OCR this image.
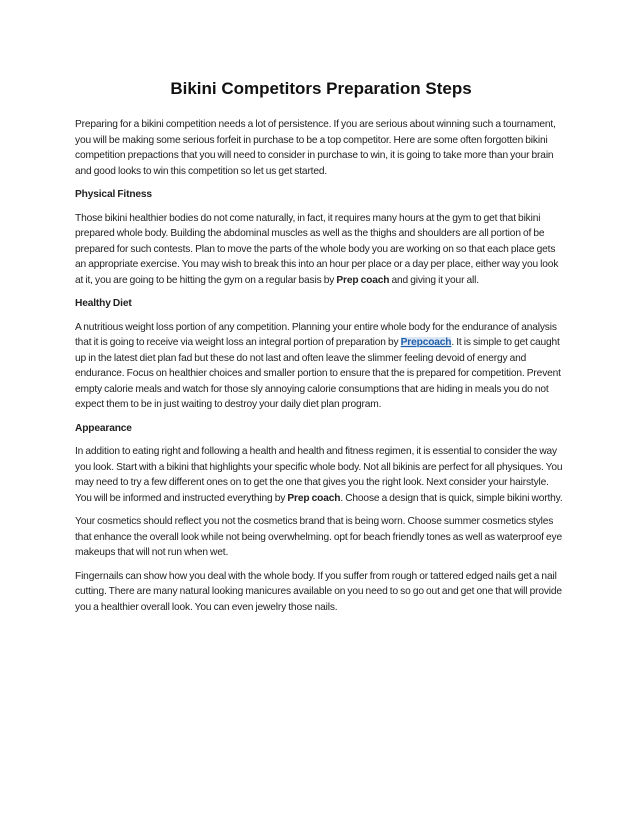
Bikini Competitors Preparation Steps

Preparing for a bikini competition needs a lot of persistence. If you are serious about winning such a tournament, you will be making some serious forfeit in purchase to be a top competitor. Here are some often forgotten bikini competition prepactions that you will need to consider in purchase to win, it is going to take more than your brain and good looks to win this competition so let us get started.

Physical Fitness

Those bikini healthier bodies do not come naturally, in fact, it requires many hours at the gym to get that bikini prepared whole body. Building the abdominal muscles as well as the thighs and shoulders are all portion of be prepared for such contests. Plan to move the parts of the whole body you are working on so that each place gets an appropriate exercise. You may wish to break this into an hour per place or a day per place, either way you look at it, you are going to be hitting the gym on a regular basis by Prep coach and giving it your all.

Healthy Diet

A nutritious weight loss portion of any competition. Planning your entire whole body for the endurance of analysis that it is going to receive via weight loss an integral portion of preparation by Prepcoach. It is simple to get caught up in the latest diet plan fad but these do not last and often leave the slimmer feeling devoid of energy and endurance. Focus on healthier choices and smaller portion to ensure that the is prepared for competition. Prevent empty calorie meals and watch for those sly annoying calorie consumptions that are hiding in meals you do not expect them to be in just waiting to destroy your daily diet plan program.

Appearance

In addition to eating right and following a health and health and fitness regimen, it is essential to consider the way you look. Start with a bikini that highlights your specific whole body. Not all bikinis are perfect for all physiques. You may need to try a few different ones on to get the one that gives you the right look. Next consider your hairstyle. You will be informed and instructed everything by Prep coach. Choose a design that is quick, simple bikini worthy.

Your cosmetics should reflect you not the cosmetics brand that is being worn. Choose summer cosmetics styles that enhance the overall look while not being overwhelming. opt for beach friendly tones as well as waterproof eye makeups that will not run when wet.

Fingernails can show how you deal with the whole body. If you suffer from rough or tattered edged nails get a nail cutting. There are many natural looking manicures available on you need to so go out and get one that will provide you a healthier overall look. You can even jewelry those nails.
